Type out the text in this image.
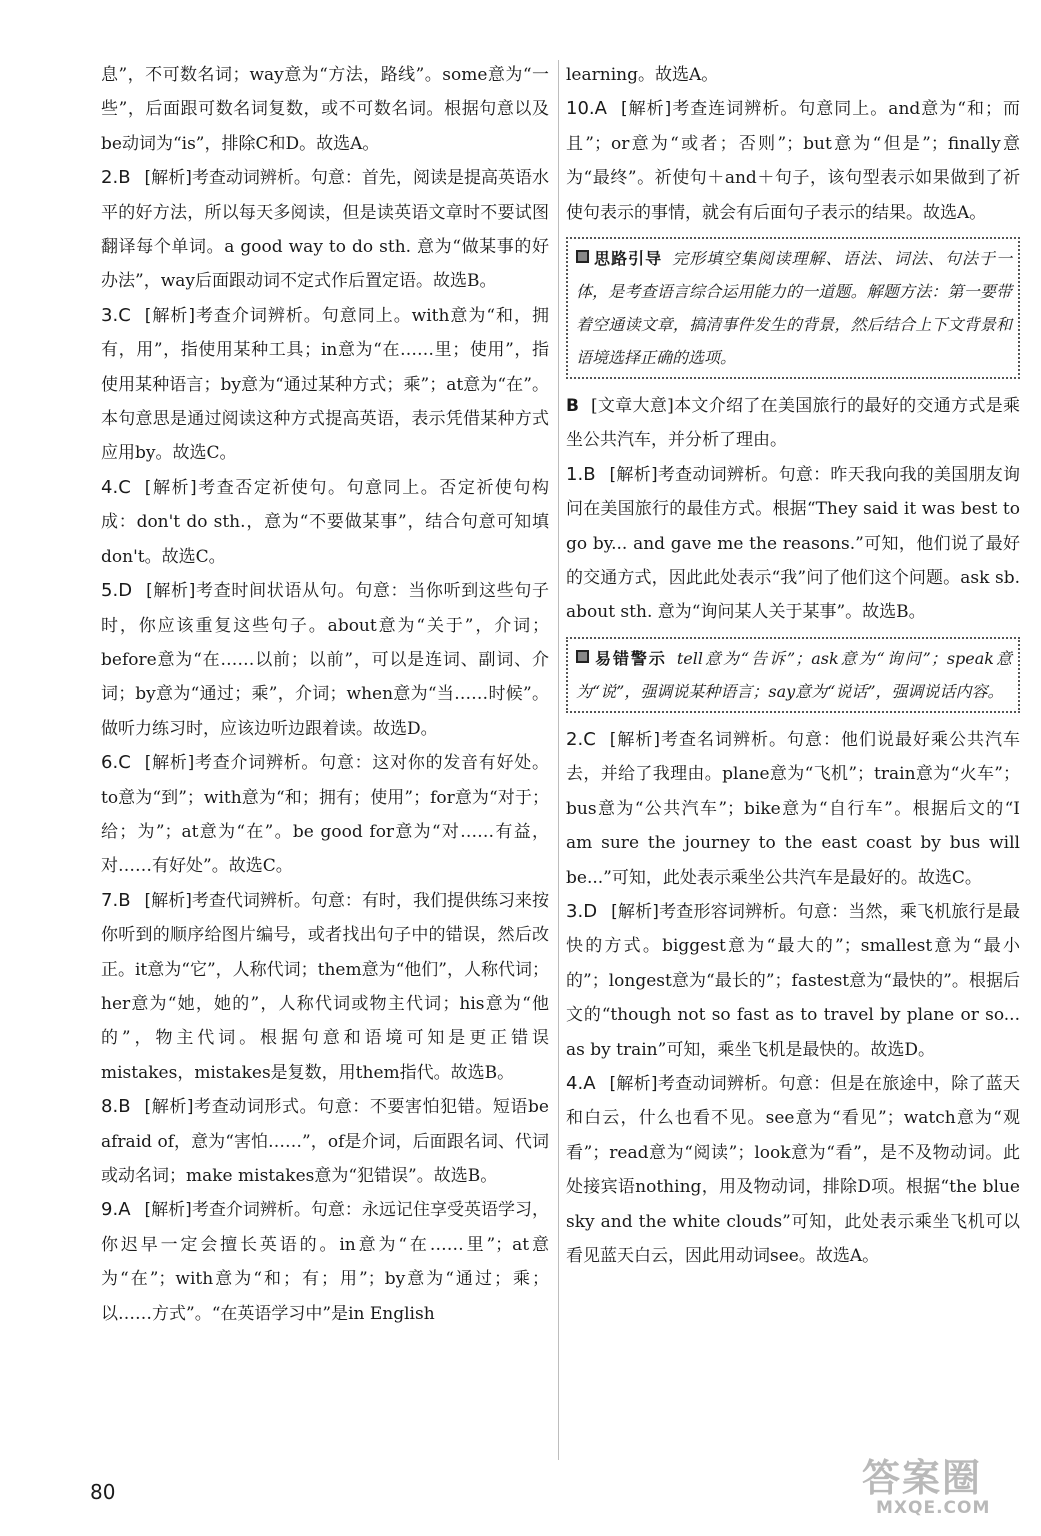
息”，不可数名词；way意为“方法，路线”。some意为“一些”，后面跟可数名词复数，或不可数名词。根据句意以及be动词为“is”，排除C和D。故选A。

2.B [解析]考查动词辨析。句意：首先，阅读是提高英语水平的好方法，所以每天多阅读，但是读英语文章时不要试图翻译每个单词。a good way to do sth. 意为“做某事的好办法”，way后面跟动词不定式作后置定语。故选B。

3.C [解析]考查介词辨析。句意同上。with意为“和，拥有，用”，指使用某种工具；in意为“在……里；使用”，指使用某种语言；by意为“通过某种方式；乘”；at意为“在”。本句意思是通过阅读这种方式提高英语，表示凭借某种方式应用by。故选C。

4.C [解析]考查否定祈使句。句意同上。否定祈使句构成：don't do sth.，意为“不要做某事”，结合句意可知填don't。故选C。

5.D [解析]考查时间状语从句。句意：当你听到这些句子时，你应该重复这些句子。about意为“关于”，介词；before意为“在……以前；以前”，可以是连词、副词、介词；by意为“通过；乘”，介词；when意为“当……时候”。做听力练习时，应该边听边跟着读。故选D。

6.C [解析]考查介词辨析。句意：这对你的发音有好处。to意为“到”；with意为“和；拥有；使用”；for意为“对于；给；为”；at意为“在”。be good for意为“对……有益，对……有好处”。故选C。

7.B [解析]考查代词辨析。句意：有时，我们提供练习来按你听到的顺序给图片编号，或者找出句子中的错误，然后改正。it意为“它”，人称代词；them意为“他们”，人称代词；her意为“她，她的”，人称代词或物主代词；his意为“他的”，物主代词。根据句意和语境可知是更正错误mistakes，mistakes是复数，用them指代。故选B。

8.B [解析]考查动词形式。句意：不要害怕犯错。短语be afraid of，意为“害怕……”，of是介词，后面跟名词、代词或动名词；make mistakes意为“犯错误”。故选B。

9.A [解析]考查介词辨析。句意：永远记住享受英语学习，你迟早一定会擅长英语的。in意为“在……里”；at意为“在”；with意为“和；有；用”；by意为“通过；乘；以……方式”。“在英语学习中”是in English

learning。故选A。

10.A [解析]考查连词辨析。句意同上。and意为“和；而且”；or意为“或者；否则”；but意为“但是”；finally意为“最终”。祈使句＋and＋句子，该句型表示如果做到了祈使句表示的事情，就会有后面句子表示的结果。故选A。

思路引导 完形填空集阅读理解、语法、词法、句法于一体，是考查语言综合运用能力的一道题。解题方法：第一要带着空通读文章，搞清事件发生的背景，然后结合上下文背景和语境选择正确的选项。

B [文章大意]本文介绍了在美国旅行的最好的交通方式是乘坐公共汽车，并分析了理由。

1.B [解析]考查动词辨析。句意：昨天我向我的美国朋友询问在美国旅行的最佳方式。根据“They said it was best to go by... and gave me the reasons.”可知，他们说了最好的交通方式，因此此处表示“我”问了他们这个问题。ask sb. about sth. 意为“询问某人关于某事”。故选B。

易错警示 tell意为“告诉”；ask意为“询问”；speak意为“说”，强调说某种语言；say意为“说话”，强调说话内容。

2.C [解析]考查名词辨析。句意：他们说最好乘公共汽车去，并给了我理由。plane意为“飞机”；train意为“火车”；bus意为“公共汽车”；bike意为“自行车”。根据后文的“I am sure the journey to the east coast by bus will be...”可知，此处表示乘坐公共汽车是最好的。故选C。

3.D [解析]考查形容词辨析。句意：当然，乘飞机旅行是最快的方式。biggest意为“最大的”；smallest意为“最小的”；longest意为“最长的”；fastest意为“最快的”。根据后文的“though not so fast as to travel by plane or so... as by train”可知，乘坐飞机是最快的。故选D。

4.A [解析]考查动词辨析。句意：但是在旅途中，除了蓝天和白云，什么也看不见。see意为“看见”；watch意为“观看”；read意为“阅读”；look意为“看”，是不及物动词。此处接宾语nothing，用及物动词，排除D项。根据“the blue sky and the white clouds”可知，此处表示乘坐飞机可以看见蓝天白云，因此用动词see。故选A。

80	答案圈
MXQE.COM
